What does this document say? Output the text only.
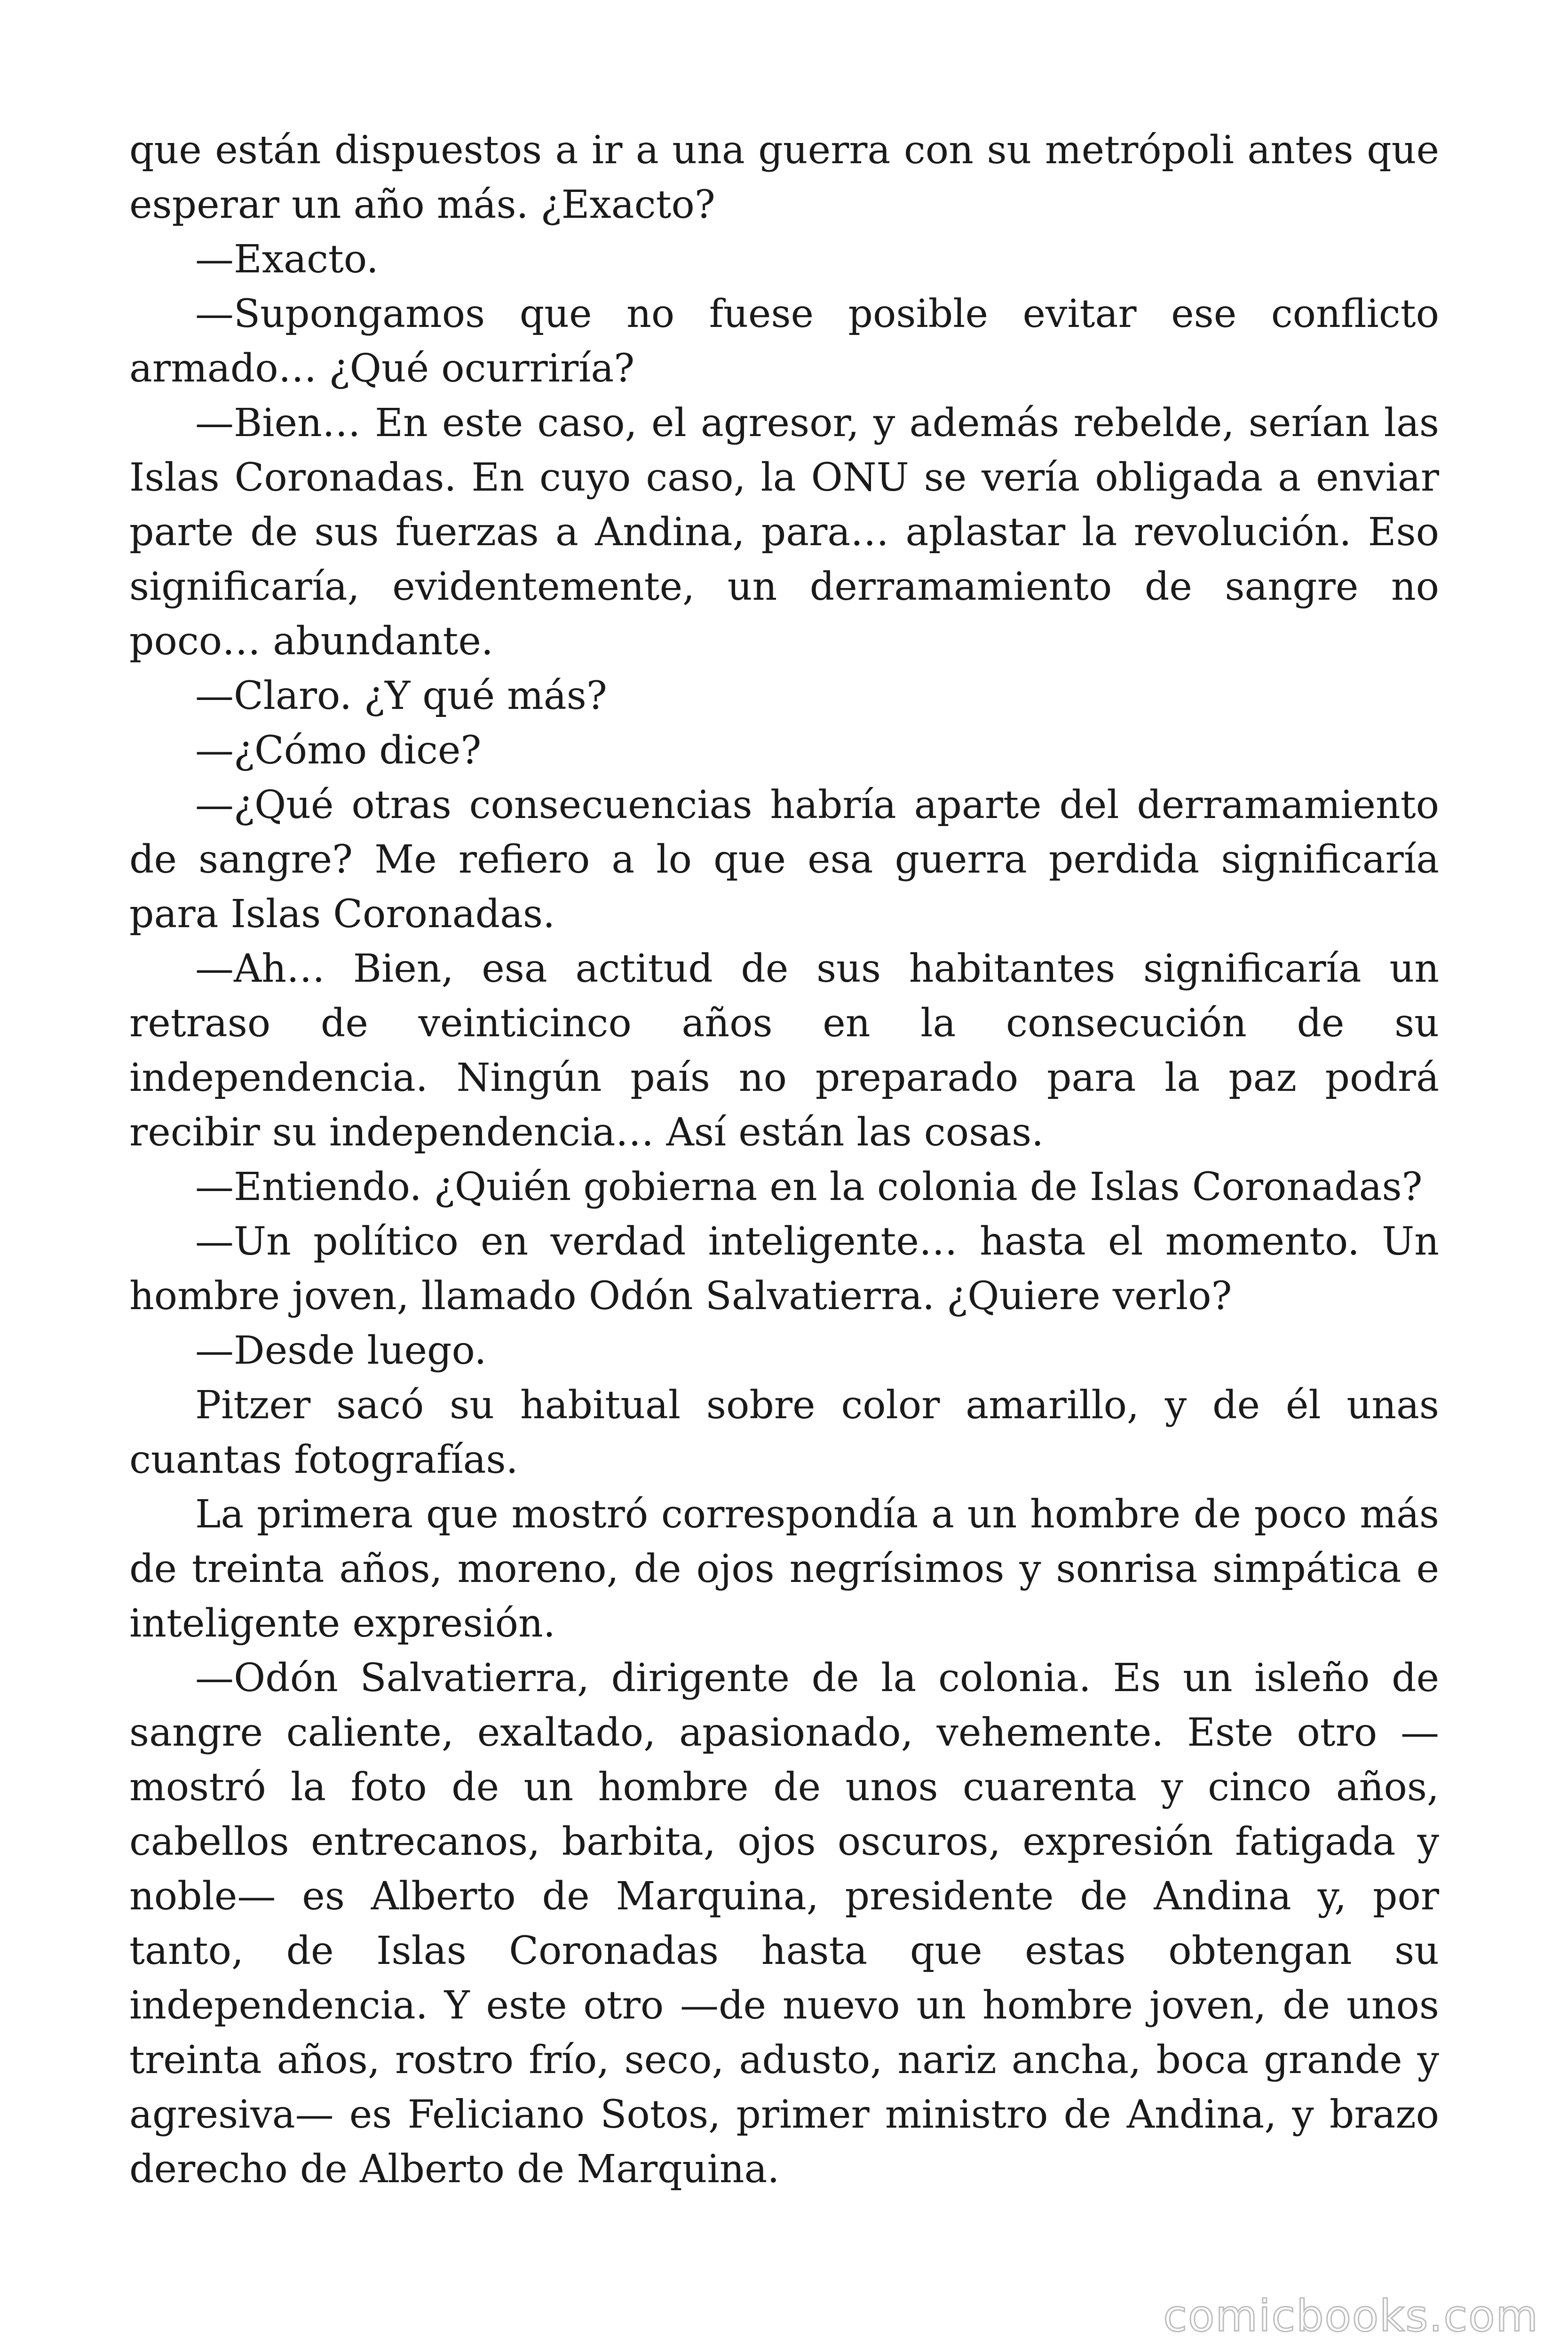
que están dispuestos a ir a una guerra con su metrópoli antes que esperar un año más. ¿Exacto?

—Exacto.

—Supongamos que no fuese posible evitar ese conflicto armado… ¿Qué ocurriría?

—Bien… En este caso, el agresor, y además rebelde, serían las Islas Coronadas. En cuyo caso, la ONU se vería obligada a enviar parte de sus fuerzas a Andina, para… aplastar la revolución. Eso significaría, evidentemente, un derramamiento de sangre no poco… abundante.

—Claro. ¿Y qué más?

—¿Cómo dice?

—¿Qué otras consecuencias habría aparte del derramamiento de sangre? Me refiero a lo que esa guerra perdida significaría para Islas Coronadas.

—Ah… Bien, esa actitud de sus habitantes significaría un retraso de veinticinco años en la consecución de su independencia. Ningún país no preparado para la paz podrá recibir su independencia… Así están las cosas.

—Entiendo. ¿Quién gobierna en la colonia de Islas Coronadas?

—Un político en verdad inteligente… hasta el momento. Un hombre joven, llamado Odón Salvatierra. ¿Quiere verlo?

—Desde luego.

Pitzer sacó su habitual sobre color amarillo, y de él unas cuantas fotografías.

La primera que mostró correspondía a un hombre de poco más de treinta años, moreno, de ojos negrísimos y sonrisa simpática e inteligente expresión.

—Odón Salvatierra, dirigente de la colonia. Es un isleño de sangre caliente, exaltado, apasionado, vehemente. Este otro —mostró la foto de un hombre de unos cuarenta y cinco años, cabellos entrecanos, barbita, ojos oscuros, expresión fatigada y noble— es Alberto de Marquina, presidente de Andina y, por tanto, de Islas Coronadas hasta que estas obtengan su independencia. Y este otro —de nuevo un hombre joven, de unos treinta años, rostro frío, seco, adusto, nariz ancha, boca grande y agresiva— es Feliciano Sotos, primer ministro de Andina, y brazo derecho de Alberto de Marquina.

comicbooks.com
